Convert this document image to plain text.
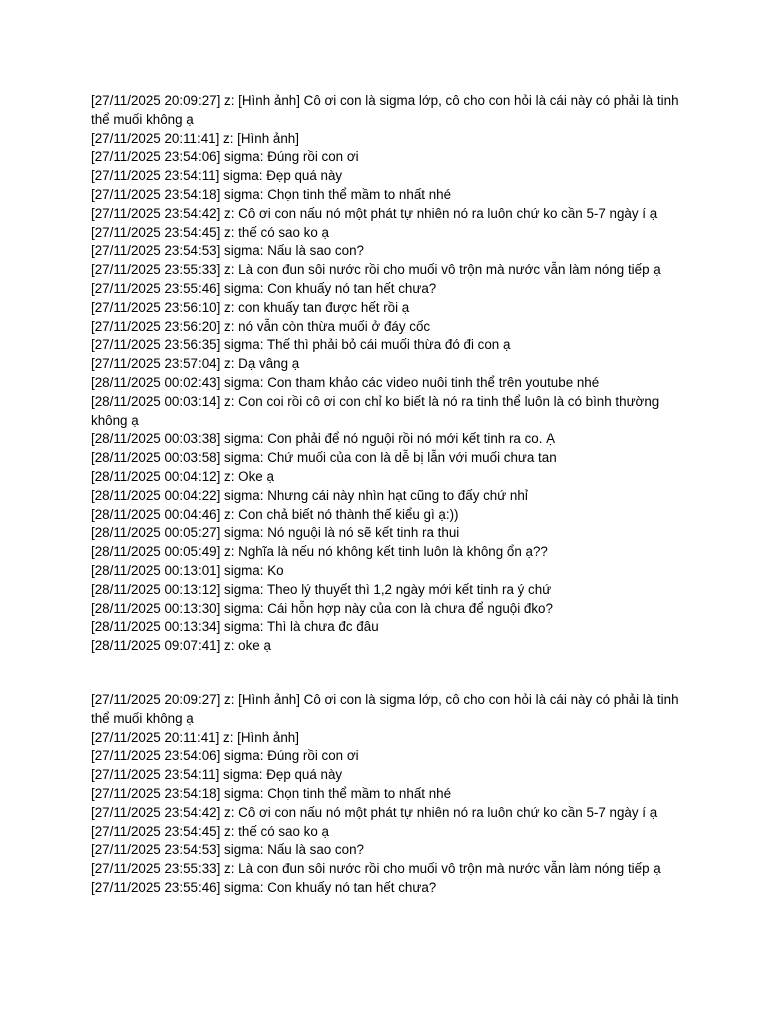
[27/11/2025 20:09:27] z: [Hình ảnh] Cô ơi con là sigma lớp, cô cho con hỏi là cái này có phải là tinh thể muối không ạ

[27/11/2025 20:11:41] z: [Hình ảnh]

[27/11/2025 23:54:06] sigma: Đúng rồi con ơi

[27/11/2025 23:54:11] sigma: Đẹp quá này

[27/11/2025 23:54:18] sigma: Chọn tinh thể mầm to nhất nhé

[27/11/2025 23:54:42] z: Cô ơi con nấu nó một phát tự nhiên nó ra luôn chứ ko cần 5-7 ngày í ạ

[27/11/2025 23:54:45] z: thế có sao ko ạ

[27/11/2025 23:54:53] sigma: Nấu là sao con?

[27/11/2025 23:55:33] z: Là con đun sôi nước rồi cho muối vô trộn mà nước vẫn làm nóng tiếp ạ

[27/11/2025 23:55:46] sigma: Con khuấy nó tan hết chưa?

[27/11/2025 23:56:10] z: con khuấy tan được hết rồi ạ

[27/11/2025 23:56:20] z: nó vẫn còn thừa muối ở đáy cốc

[27/11/2025 23:56:35] sigma: Thế thì phải bỏ cái muối thừa đó đi con ạ

[27/11/2025 23:57:04] z: Dạ vâng ạ

[28/11/2025 00:02:43] sigma: Con tham khảo các video nuôi tinh thể trên youtube nhé

[28/11/2025 00:03:14] z: Con coi rồi cô ơi con chỉ ko biết là nó ra tinh thể luôn là có bình thường không ạ

[28/11/2025 00:03:38] sigma: Con phải để nó nguội rồi nó mới kết tinh ra co. Ạ

[28/11/2025 00:03:58] sigma: Chứ muối của con là dễ bị lẫn với muối chưa tan

[28/11/2025 00:04:12] z: Oke ạ

[28/11/2025 00:04:22] sigma: Nhưng cái này nhìn hạt cũng to đấy chứ nhỉ

[28/11/2025 00:04:46] z: Con chả biết nó thành thế kiểu gì ạ:))

[28/11/2025 00:05:27] sigma: Nó nguội là nó sẽ kết tinh ra thui

[28/11/2025 00:05:49] z: Nghĩa là nếu nó không kết tinh luôn là không ổn ạ??

[28/11/2025 00:13:01] sigma: Ko

[28/11/2025 00:13:12] sigma: Theo lý thuyết thì 1,2 ngày mới kết tinh ra ý chứ

[28/11/2025 00:13:30] sigma: Cái hỗn hợp này của con là chưa để nguội đko?

[28/11/2025 00:13:34] sigma: Thì là chưa đc đâu

[28/11/2025 09:07:41] z: oke ạ

[27/11/2025 20:09:27] z: [Hình ảnh] Cô ơi con là sigma lớp, cô cho con hỏi là cái này có phải là tinh thể muối không ạ

[27/11/2025 20:11:41] z: [Hình ảnh]

[27/11/2025 23:54:06] sigma: Đúng rồi con ơi

[27/11/2025 23:54:11] sigma: Đẹp quá này

[27/11/2025 23:54:18] sigma: Chọn tinh thể mầm to nhất nhé

[27/11/2025 23:54:42] z: Cô ơi con nấu nó một phát tự nhiên nó ra luôn chứ ko cần 5-7 ngày í ạ

[27/11/2025 23:54:45] z: thế có sao ko ạ

[27/11/2025 23:54:53] sigma: Nấu là sao con?

[27/11/2025 23:55:33] z: Là con đun sôi nước rồi cho muối vô trộn mà nước vẫn làm nóng tiếp ạ

[27/11/2025 23:55:46] sigma: Con khuấy nó tan hết chưa?
